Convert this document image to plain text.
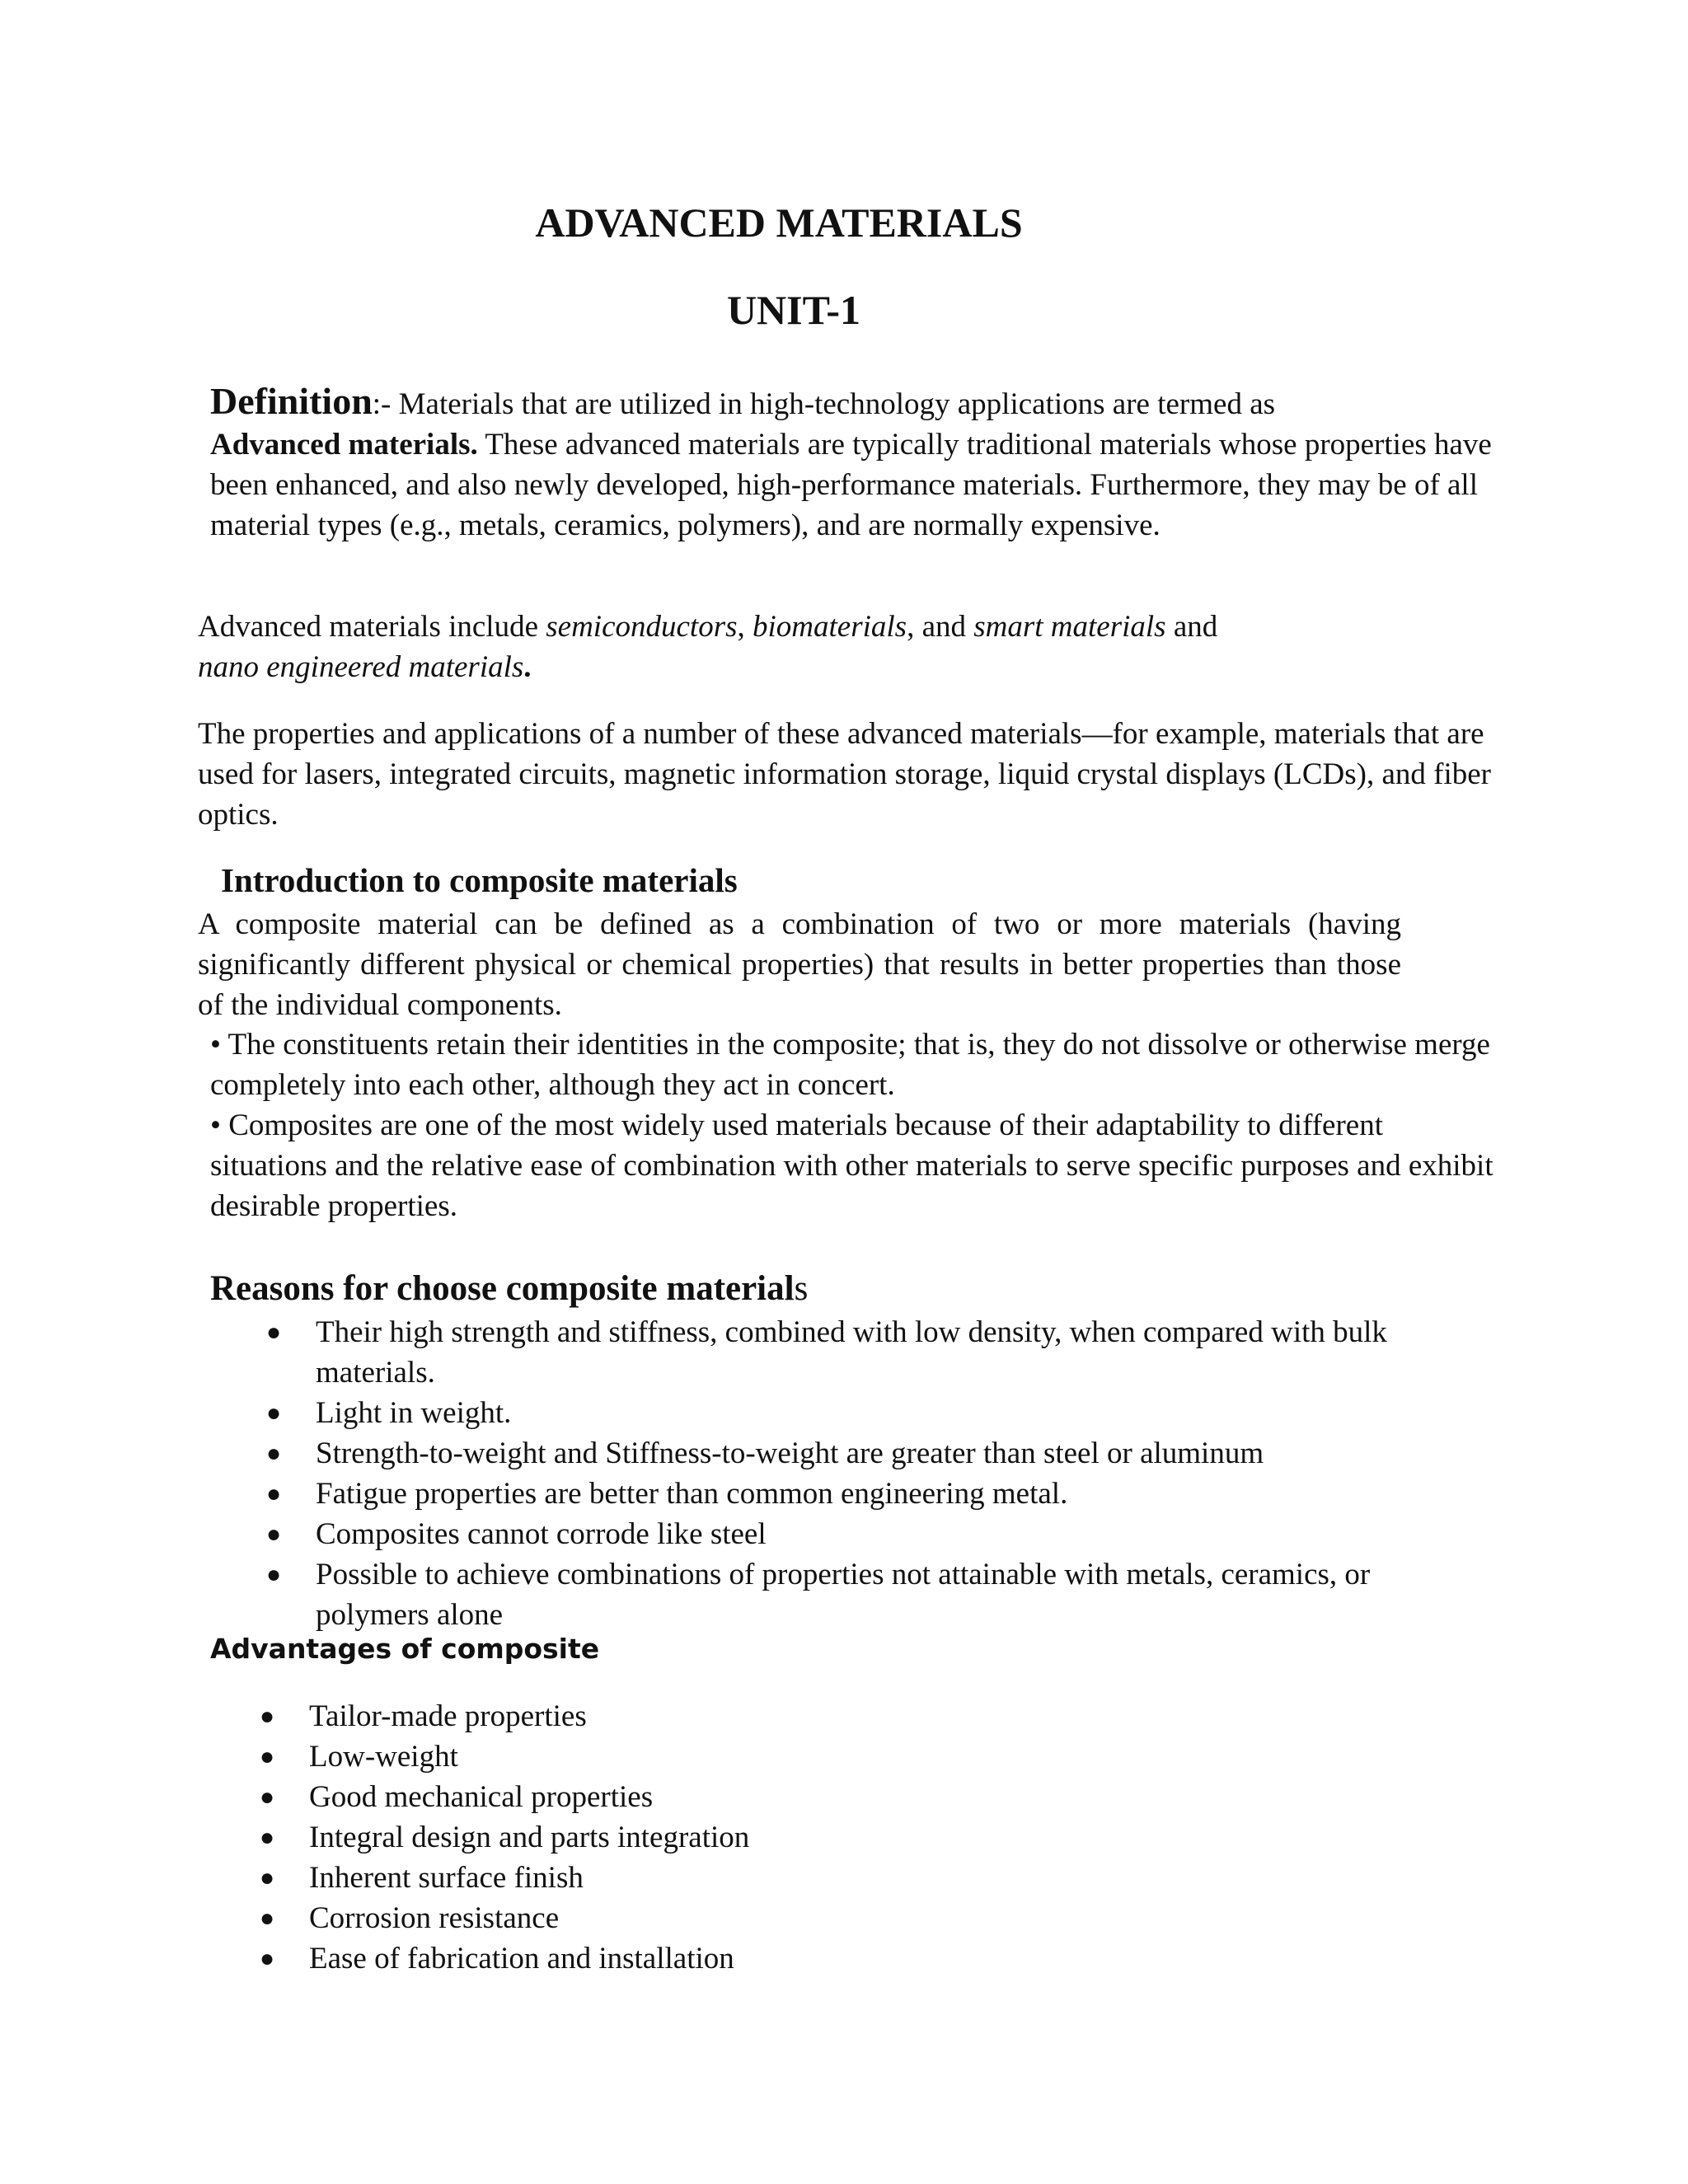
ADVANCED MATERIALS
UNIT-1
Definition:- Materials that are utilized in high-technology applications are termed as
Advanced materials. These advanced materials are typically traditional materials whose properties have been enhanced, and also newly developed, high-performance materials. Furthermore, they may be of all material types (e.g., metals, ceramics, polymers), and are normally expensive.
Advanced materials include semiconductors, biomaterials, and smart materials and
nano engineered materials.
The properties and applications of a number of these advanced materials—for example, materials that are used for lasers, integrated circuits, magnetic information storage, liquid crystal displays (LCDs), and fiber optics.
Introduction to composite materials
A composite material can be defined as a combination of two or more materials (having significantly different physical or chemical properties) that results in better properties than those of the individual components.
• The constituents retain their identities in the composite; that is, they do not dissolve or otherwise merge completely into each other, although they act in concert.
• Composites are one of the most widely used materials because of their adaptability to different situations and the relative ease of combination with other materials to serve specific purposes and exhibit desirable properties.
Reasons for choose composite materials
● Their high strength and stiffness, combined with low density, when compared with bulk materials.
● Light in weight.
● Strength-to-weight and Stiffness-to-weight are greater than steel or aluminum
● Fatigue properties are better than common engineering metal.
● Composites cannot corrode like steel
● Possible to achieve combinations of properties not attainable with metals, ceramics, or polymers alone
Advantages of composite
● Tailor-made properties
● Low-weight
● Good mechanical properties
● Integral design and parts integration
● Inherent surface finish
● Corrosion resistance
● Ease of fabrication and installation
